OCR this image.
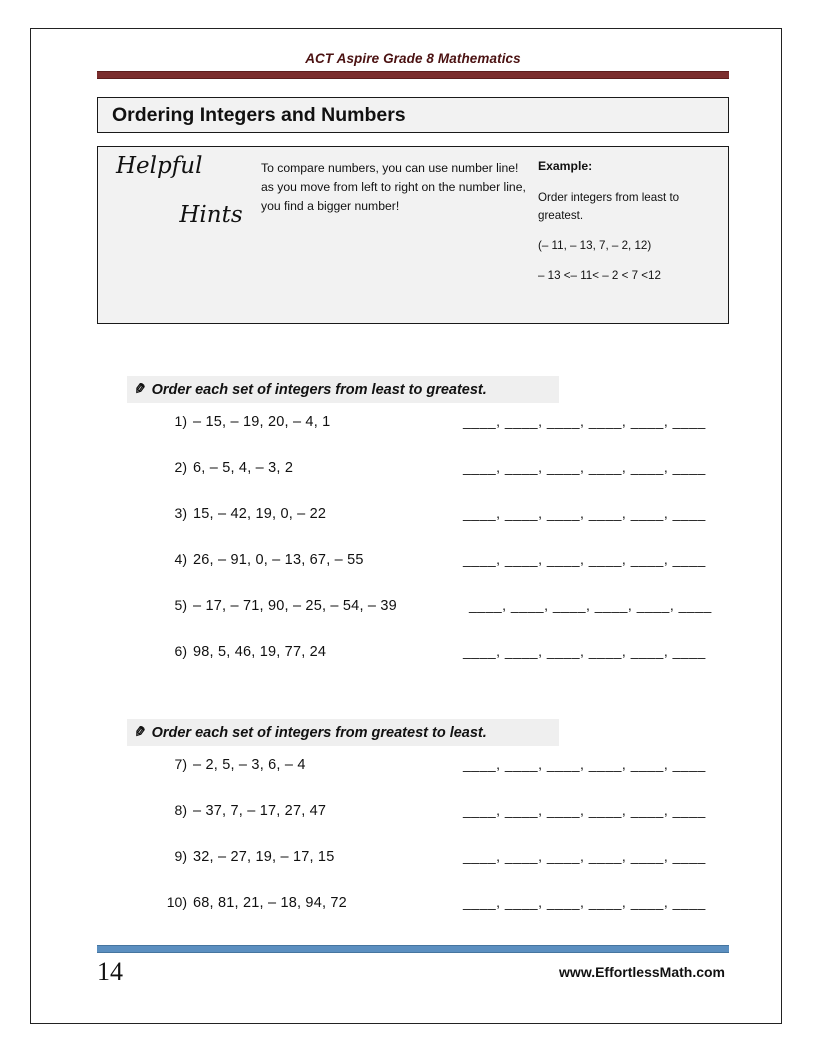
ACT Aspire Grade 8 Mathematics
Ordering Integers and Numbers
Helpful
Hints
To compare numbers, you can use number line! as you move from left to right on the number line, you find a bigger number!
Example:
Order integers from least to greatest.
(– 11, – 13, 7, – 2, 12)
– 13 <– 11< – 2 < 7 <12
✎ Order each set of integers from least to greatest.
1) – 15, – 19, 20, – 4, 1	____, ____, ____, ____, ____, ____
2) 6, – 5, 4, – 3, 2	____, ____, ____, ____, ____, ____
3) 15, – 42, 19, 0, – 22	____, ____, ____, ____, ____, ____
4) 26, – 91, 0, – 13, 67, – 55	____, ____, ____, ____, ____, ____
5) – 17, – 71, 90, – 25, – 54, – 39	____, ____, ____, ____, ____, ____
6) 98, 5, 46, 19, 77, 24	____, ____, ____, ____, ____, ____
✎ Order each set of integers from greatest to least.
7) – 2, 5, – 3, 6, – 4	____, ____, ____, ____, ____, ____
8) – 37, 7, – 17, 27, 47	____, ____, ____, ____, ____, ____
9) 32, – 27, 19, – 17, 15	____, ____, ____, ____, ____, ____
10) 68, 81, 21, – 18, 94, 72	____, ____, ____, ____, ____, ____
14	www.EffortlessMath.com
